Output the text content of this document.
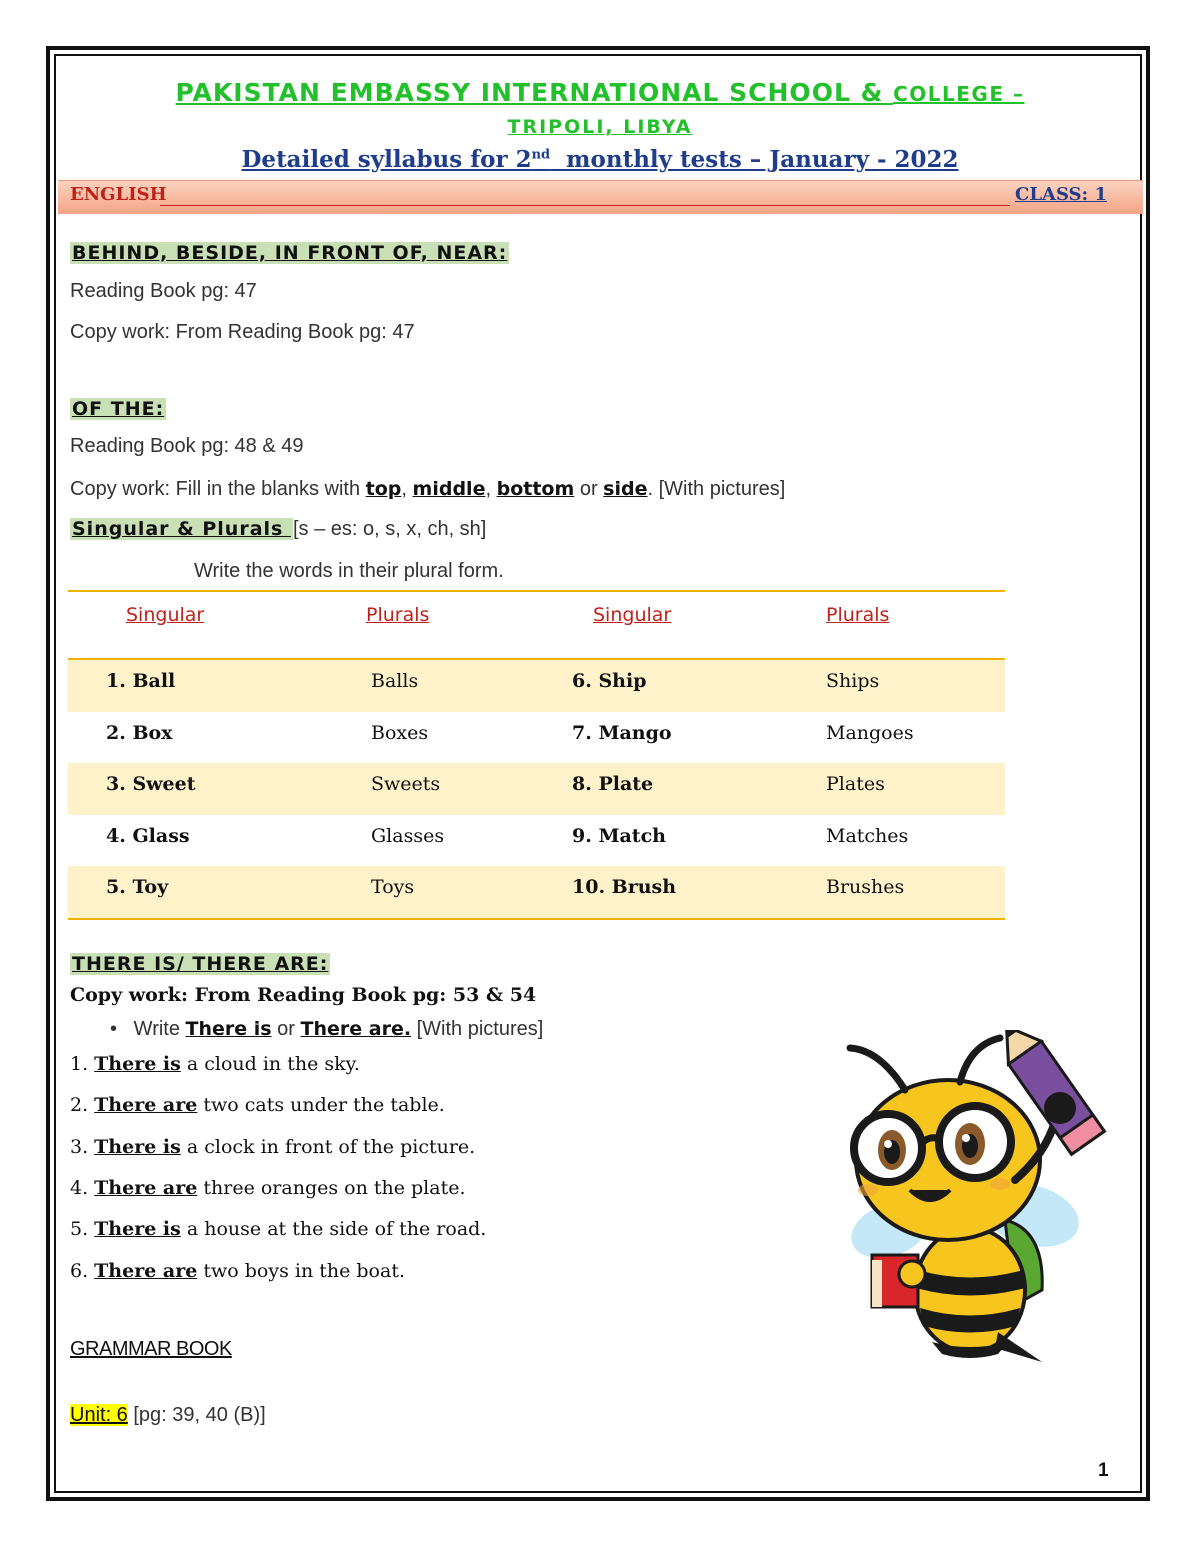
PAKISTAN EMBASSY INTERNATIONAL SCHOOL & COLLEGE –
TRIPOLI, LIBYA
Detailed syllabus for 2nd  monthly tests – January - 2022
ENGLISH	CLASS: 1
BEHIND, BESIDE, IN FRONT OF, NEAR:
Reading Book pg: 47
Copy work: From Reading Book pg: 47
OF THE:
Reading Book pg: 48 & 49
Copy work: Fill in the blanks with top, middle, bottom or side. [With pictures]
Singular & Plurals [s – es: o, s, x, ch, sh]
Write the words in their plural form.
Singular	Plurals	Singular	Plurals
1. Ball	Balls	6. Ship	Ships
2. Box	Boxes	7. Mango	Mangoes
3. Sweet	Sweets	8. Plate	Plates
4. Glass	Glasses	9. Match	Matches
5. Toy	Toys	10. Brush	Brushes
THERE IS/ THERE ARE:
Copy work: From Reading Book pg: 53 & 54
•   Write There is or There are. [With pictures]
1. There is a cloud in the sky.
2. There are two cats under the table.
3. There is a clock in front of the picture.
4. There are three oranges on the plate.
5. There is a house at the side of the road.
6. There are two boys in the boat.
GRAMMAR BOOK
Unit: 6 [pg: 39, 40 (B)]
1
